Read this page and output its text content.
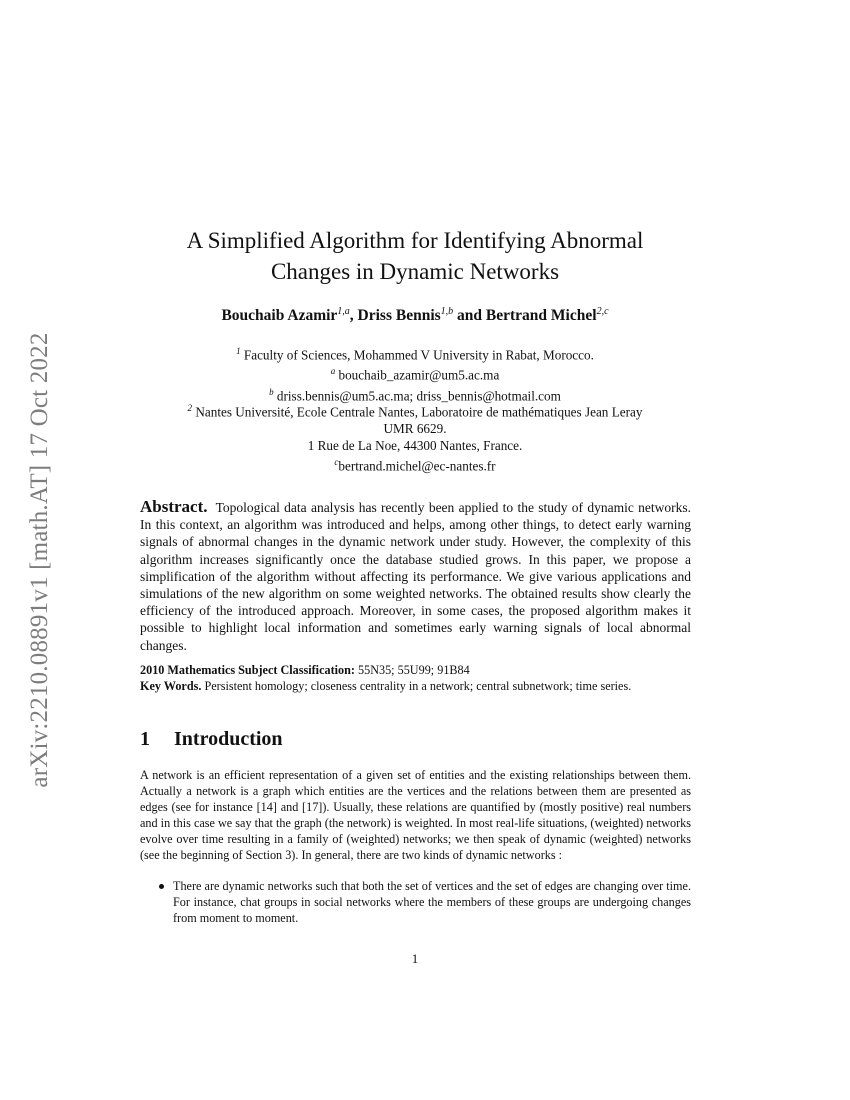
arXiv:2210.08891v1 [math.AT] 17 Oct 2022
A Simplified Algorithm for Identifying Abnormal
Changes in Dynamic Networks
Bouchaib Azamir$^{1,a}$, Driss Bennis$^{1,b}$ and Bertrand Michel$^{2,c}$
$^1$ Faculty of Sciences, Mohammed V University in Rabat, Morocco.
$^a$ bouchaib_azamir@um5.ac.ma
$^b$ driss.bennis@um5.ac.ma; driss_bennis@hotmail.com
$^2$ Nantes Université, Ecole Centrale Nantes, Laboratoire de mathématiques Jean Leray
UMR 6629.
1 Rue de La Noe, 44300 Nantes, France.
$^c$bertrand.michel@ec-nantes.fr
Abstract. Topological data analysis has recently been applied to the study of dynamic networks. In this context, an algorithm was introduced and helps, among other things, to detect early warning signals of abnormal changes in the dynamic network under study. However, the complexity of this algorithm increases significantly once the database studied grows. In this paper, we propose a simplification of the algorithm without affecting its performance. We give various applications and simulations of the new algorithm on some weighted networks. The obtained results show clearly the efficiency of the introduced approach. Moreover, in some cases, the proposed algorithm makes it possible to highlight local information and sometimes early warning signals of local abnormal changes.
2010 Mathematics Subject Classification: 55N35; 55U99; 91B84
Key Words. Persistent homology; closeness centrality in a network; central subnetwork; time series.
1 Introduction

A network is an efficient representation of a given set of entities and the existing relationships between them. Actually a network is a graph which entities are the vertices and the relations between them are presented as edges (see for instance [14] and [17]). Usually, these relations are quantified by (mostly positive) real numbers and in this case we say that the graph (the network) is weighted. In most real-life situations, (weighted) networks evolve over time resulting in a family of (weighted) networks; we then speak of dynamic (weighted) networks (see the beginning of Section 3). In general, there are two kinds of dynamic networks :

There are dynamic networks such that both the set of vertices and the set of edges are changing over time. For instance, chat groups in social networks where the members of these groups are undergoing changes from moment to moment.
1
